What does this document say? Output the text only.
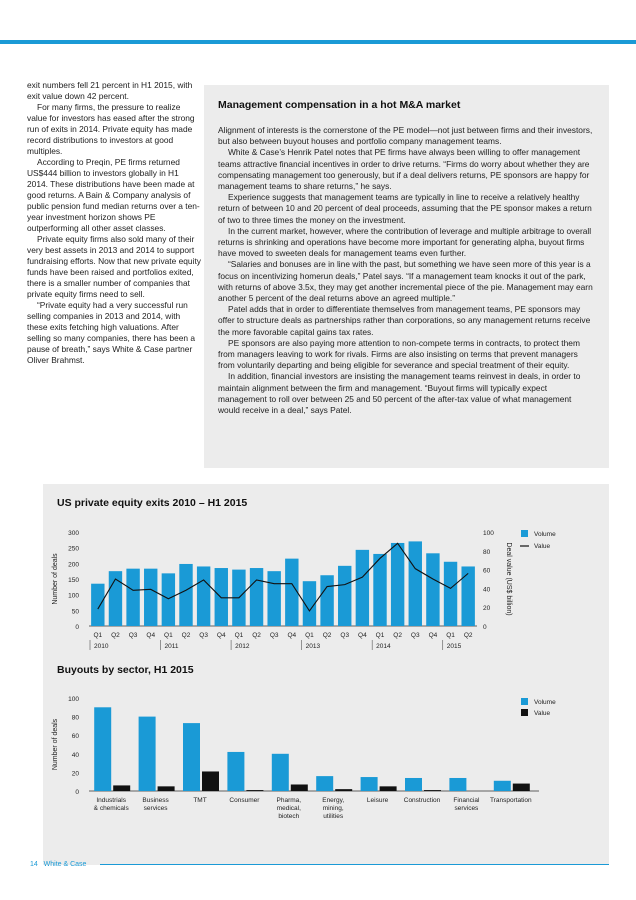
exit numbers fell 21 percent in H1 2015, with exit value down 42 percent.

For many firms, the pressure to realize value for investors has eased after the strong run of exits in 2014. Private equity has made record distributions to investors at good multiples.

According to Preqin, PE firms returned US$444 billion to investors globally in H1 2014. These distributions have been made at good returns. A Bain & Company analysis of public pension fund median returns over a ten-year investment horizon shows PE outperforming all other asset classes.

Private equity firms also sold many of their very best assets in 2013 and 2014 to support fundraising efforts. Now that new private equity funds have been raised and portfolios exited, there is a smaller number of companies that private equity firms need to sell.

“Private equity had a very successful run selling companies in 2013 and 2014, with these exits fetching high valuations. After selling so many companies, there has been a pause of breath,” says White & Case partner Oliver Brahmst.

Management compensation in a hot M&A market

Alignment of interests is the cornerstone of the PE model—not just between firms and their investors, but also between buyout houses and portfolio company management teams.

White & Case’s Henrik Patel notes that PE firms have always been willing to offer management teams attractive financial incentives in order to drive returns. “Firms do worry about whether they are compensating management too generously, but if a deal delivers returns, PE sponsors are happy for management teams to share returns,” he says.

Experience suggests that management teams are typically in line to receive a relatively healthy return of between 10 and 20 percent of deal proceeds, assuming that the PE sponsor makes a return of two to three times the money on the investment.

In the current market, however, where the contribution of leverage and multiple arbitrage to overall returns is shrinking and operations have become more important for generating alpha, buyout firms have moved to sweeten deals for management teams even further.

“Salaries and bonuses are in line with the past, but something we have seen more of this year is a focus on incentivizing homerun deals,” Patel says. “If a management team knocks it out of the park, with returns of above 3.5x, they may get another incremental piece of the pie. Management may earn another 5 percent of the deal returns above an agreed multiple.”

Patel adds that in order to differentiate themselves from management teams, PE sponsors may offer to structure deals as partnerships rather than corporations, so any management returns receive the more favorable capital gains tax rates.

PE sponsors are also paying more attention to non-compete terms in contracts, to protect them from managers leaving to work for rivals. Firms are also insisting on terms that prevent managers from voluntarily departing and being eligible for severance and special treatment of their equity.

In addition, financial investors are insisting the management teams reinvest in deals, in order to maintain alignment between the firm and management. “Buyout firms will typically expect management to roll over between 25 and 50 percent of the after-tax value of what management would receive in a deal,” says Patel.

US private equity exits 2010 – H1 2015

0
50
100
150
200
250
300
0
20
40
60
80
100
Number of deals	Deal value (US$ billion)
Q1
2010
Q2 Q3 Q4 Q1
2011
Q2 Q3 Q4 Q1
2012
Q2 Q3 Q4 Q1
2013
Q2 Q3 Q4 Q1
2014
Q2 Q3 Q4 Q1
2015
Q2
Volume
Value

Buyouts by sector, H1 2015

0
20
40
60
80
100
Number of deals
Industrials
& chemicals
Business
services
TMT	Consumer	Pharma,
medical,
biotech
Energy,
mining,
utilities
Leisure Construction Financial
services
Transportation
Volume
Value
14 White & Case
